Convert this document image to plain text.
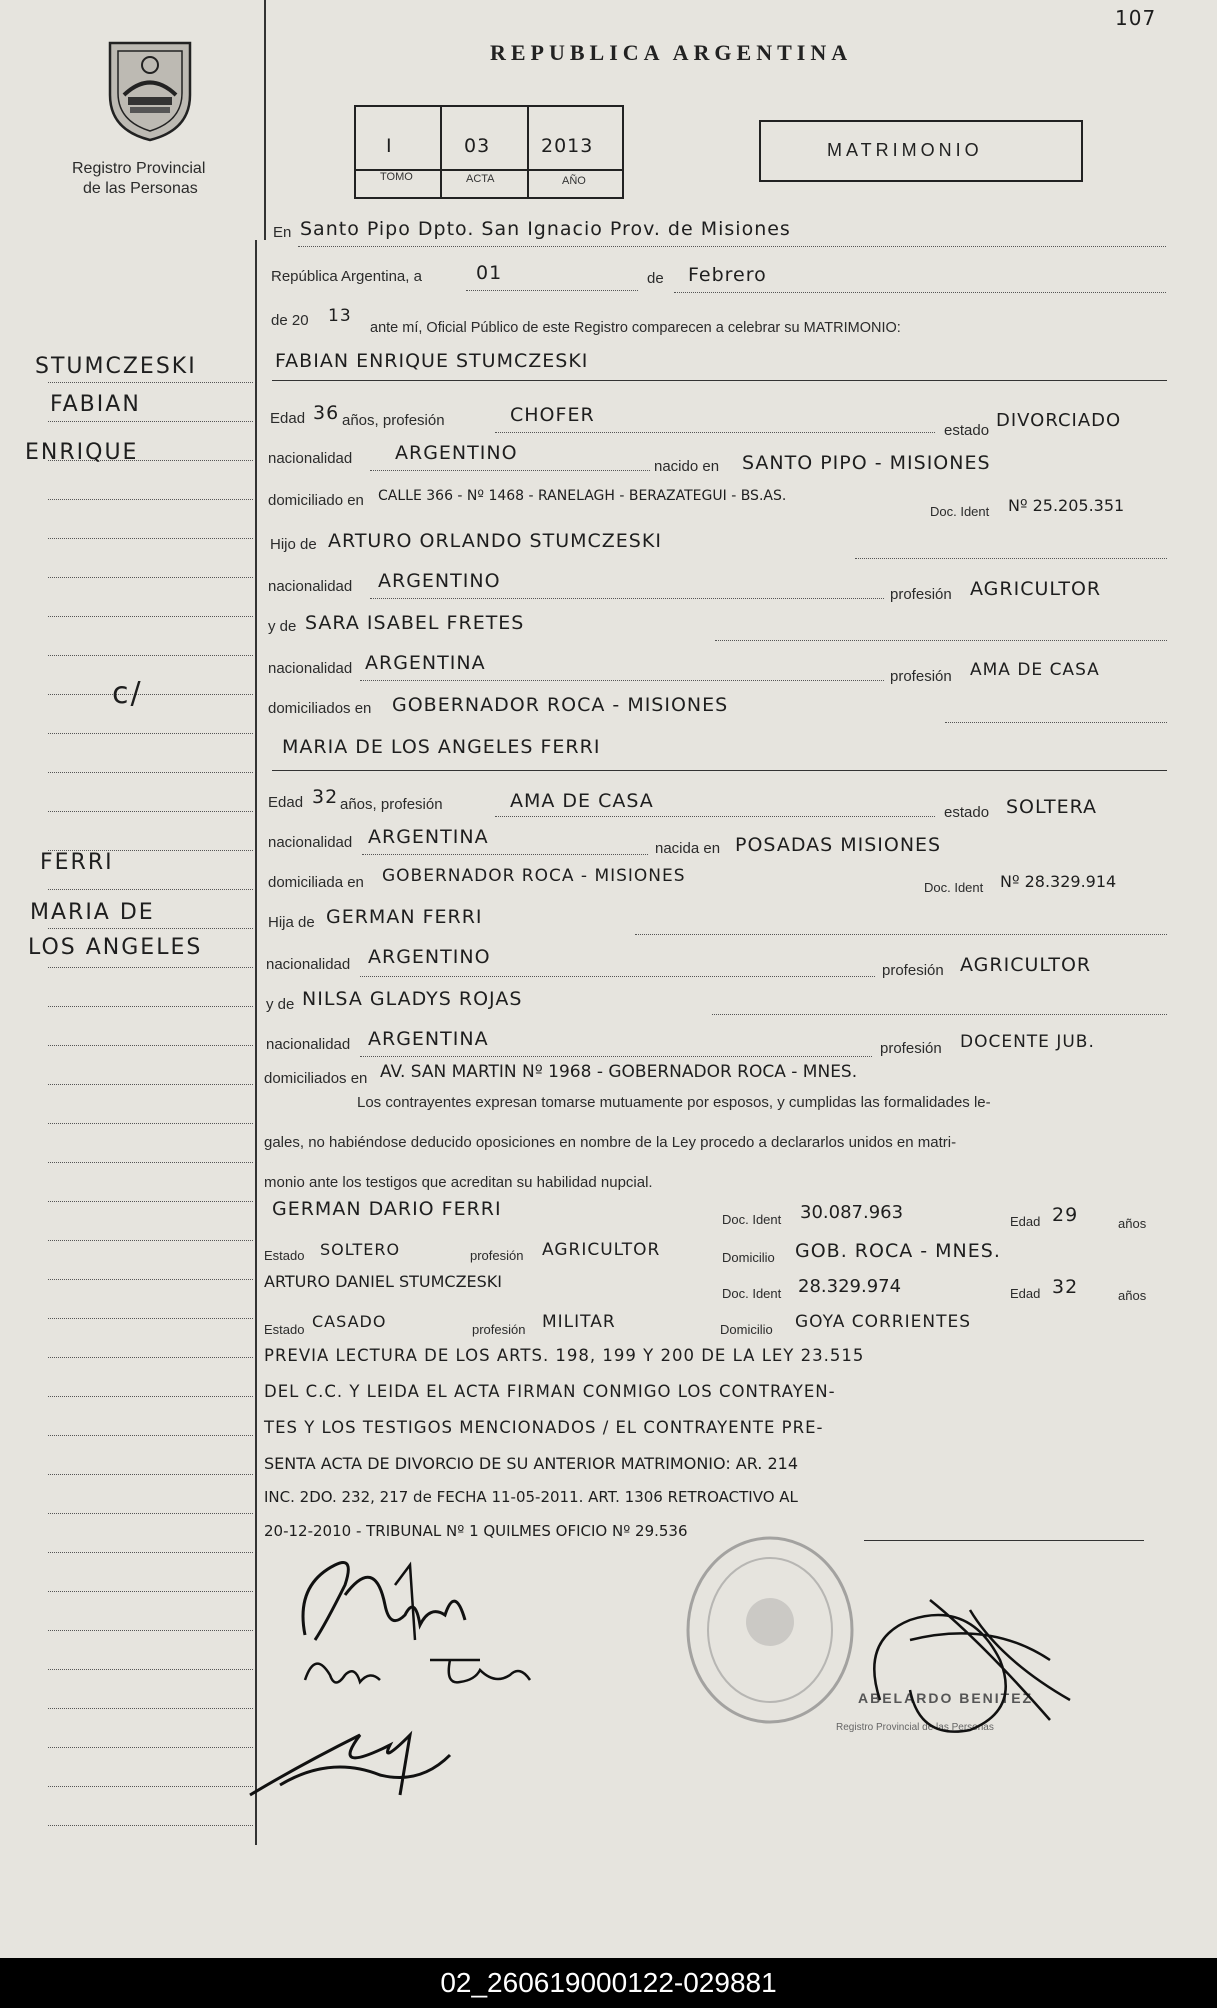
107
Registro Provincial
de las Personas
REPUBLICA ARGENTINA
I	03	2013
TOMO	ACTA	AÑO
MATRIMONIO
STUMCZESKI
FABIAN
ENRIQUE
c/
FERRI
MARIA DE
LOS ANGELES
En Santo Pipo Dpto. San Ignacio Prov. de Misiones
República Argentina, a	01	de Febrero
de 20 13
ante mí, Oficial Público de este Registro comparecen a celebrar su MATRIMONIO:
FABIAN ENRIQUE STUMCZESKI
Edad 36 años, profesión	CHOFER
estado DIVORCIADO
nacionalidad ARGENTINO
nacido en SANTO PIPO - MISIONES
domiciliado en CALLE 366 - Nº 1468 - RANELAGH - BERAZATEGUI - BS.AS.
Doc. Ident Nº 25.205.351
Hijo de ARTURO ORLANDO STUMCZESKI
nacionalidad ARGENTINO
profesión AGRICULTOR
y de SARA ISABEL FRETES
nacionalidad ARGENTINA
profesión AMA DE CASA
domiciliados en GOBERNADOR ROCA - MISIONES
MARIA DE LOS ANGELES FERRI
Edad 32 años, profesión	AMA DE CASA
estado SOLTERA
nacionalidad ARGENTINA
nacida en POSADAS MISIONES
domiciliada en GOBERNADOR ROCA - MISIONES
Doc. Ident Nº 28.329.914
Hija de GERMAN FERRI
nacionalidad ARGENTINO
profesión AGRICULTOR
y de NILSA GLADYS ROJAS
nacionalidad ARGENTINA	profesión DOCENTE JUB.
domiciliados en AV. SAN MARTIN Nº 1968 - GOBERNADOR ROCA - MNES.
Los contrayentes expresan tomarse mutuamente por esposos, y cumplidas las formalidades le-
gales, no habiéndose deducido oposiciones en nombre de la Ley procedo a declararlos unidos en matri-
monio ante los testigos que acreditan su habilidad nupcial.
GERMAN DARIO FERRI	Doc. Ident 30.087.963	Edad 29	años
Estado SOLTERO	profesión AGRICULTOR	Domicilio GOB. ROCA - MNES.
ARTURO DANIEL STUMCZESKI
Doc. Ident 28.329.974	Edad 32	años
Estado CASADO	profesión MILITAR	Domicilio GOYA CORRIENTES
PREVIA LECTURA DE LOS ARTS. 198, 199 Y 200 DE LA LEY 23.515
DEL C.C. Y LEIDA EL ACTA FIRMAN CONMIGO LOS CONTRAYEN-
TES Y LOS TESTIGOS MENCIONADOS / EL CONTRAYENTE PRE-
SENTA ACTA DE DIVORCIO DE SU ANTERIOR MATRIMONIO: AR. 214
INC. 2DO. 232, 217 de FECHA 11-05-2011. ART. 1306 RETROACTIVO AL
20-12-2010 - TRIBUNAL Nº 1 QUILMES OFICIO Nº 29.536
ABELARDO BENITEZ
Registro Provincial de las Personas
02_260619000122-029881
